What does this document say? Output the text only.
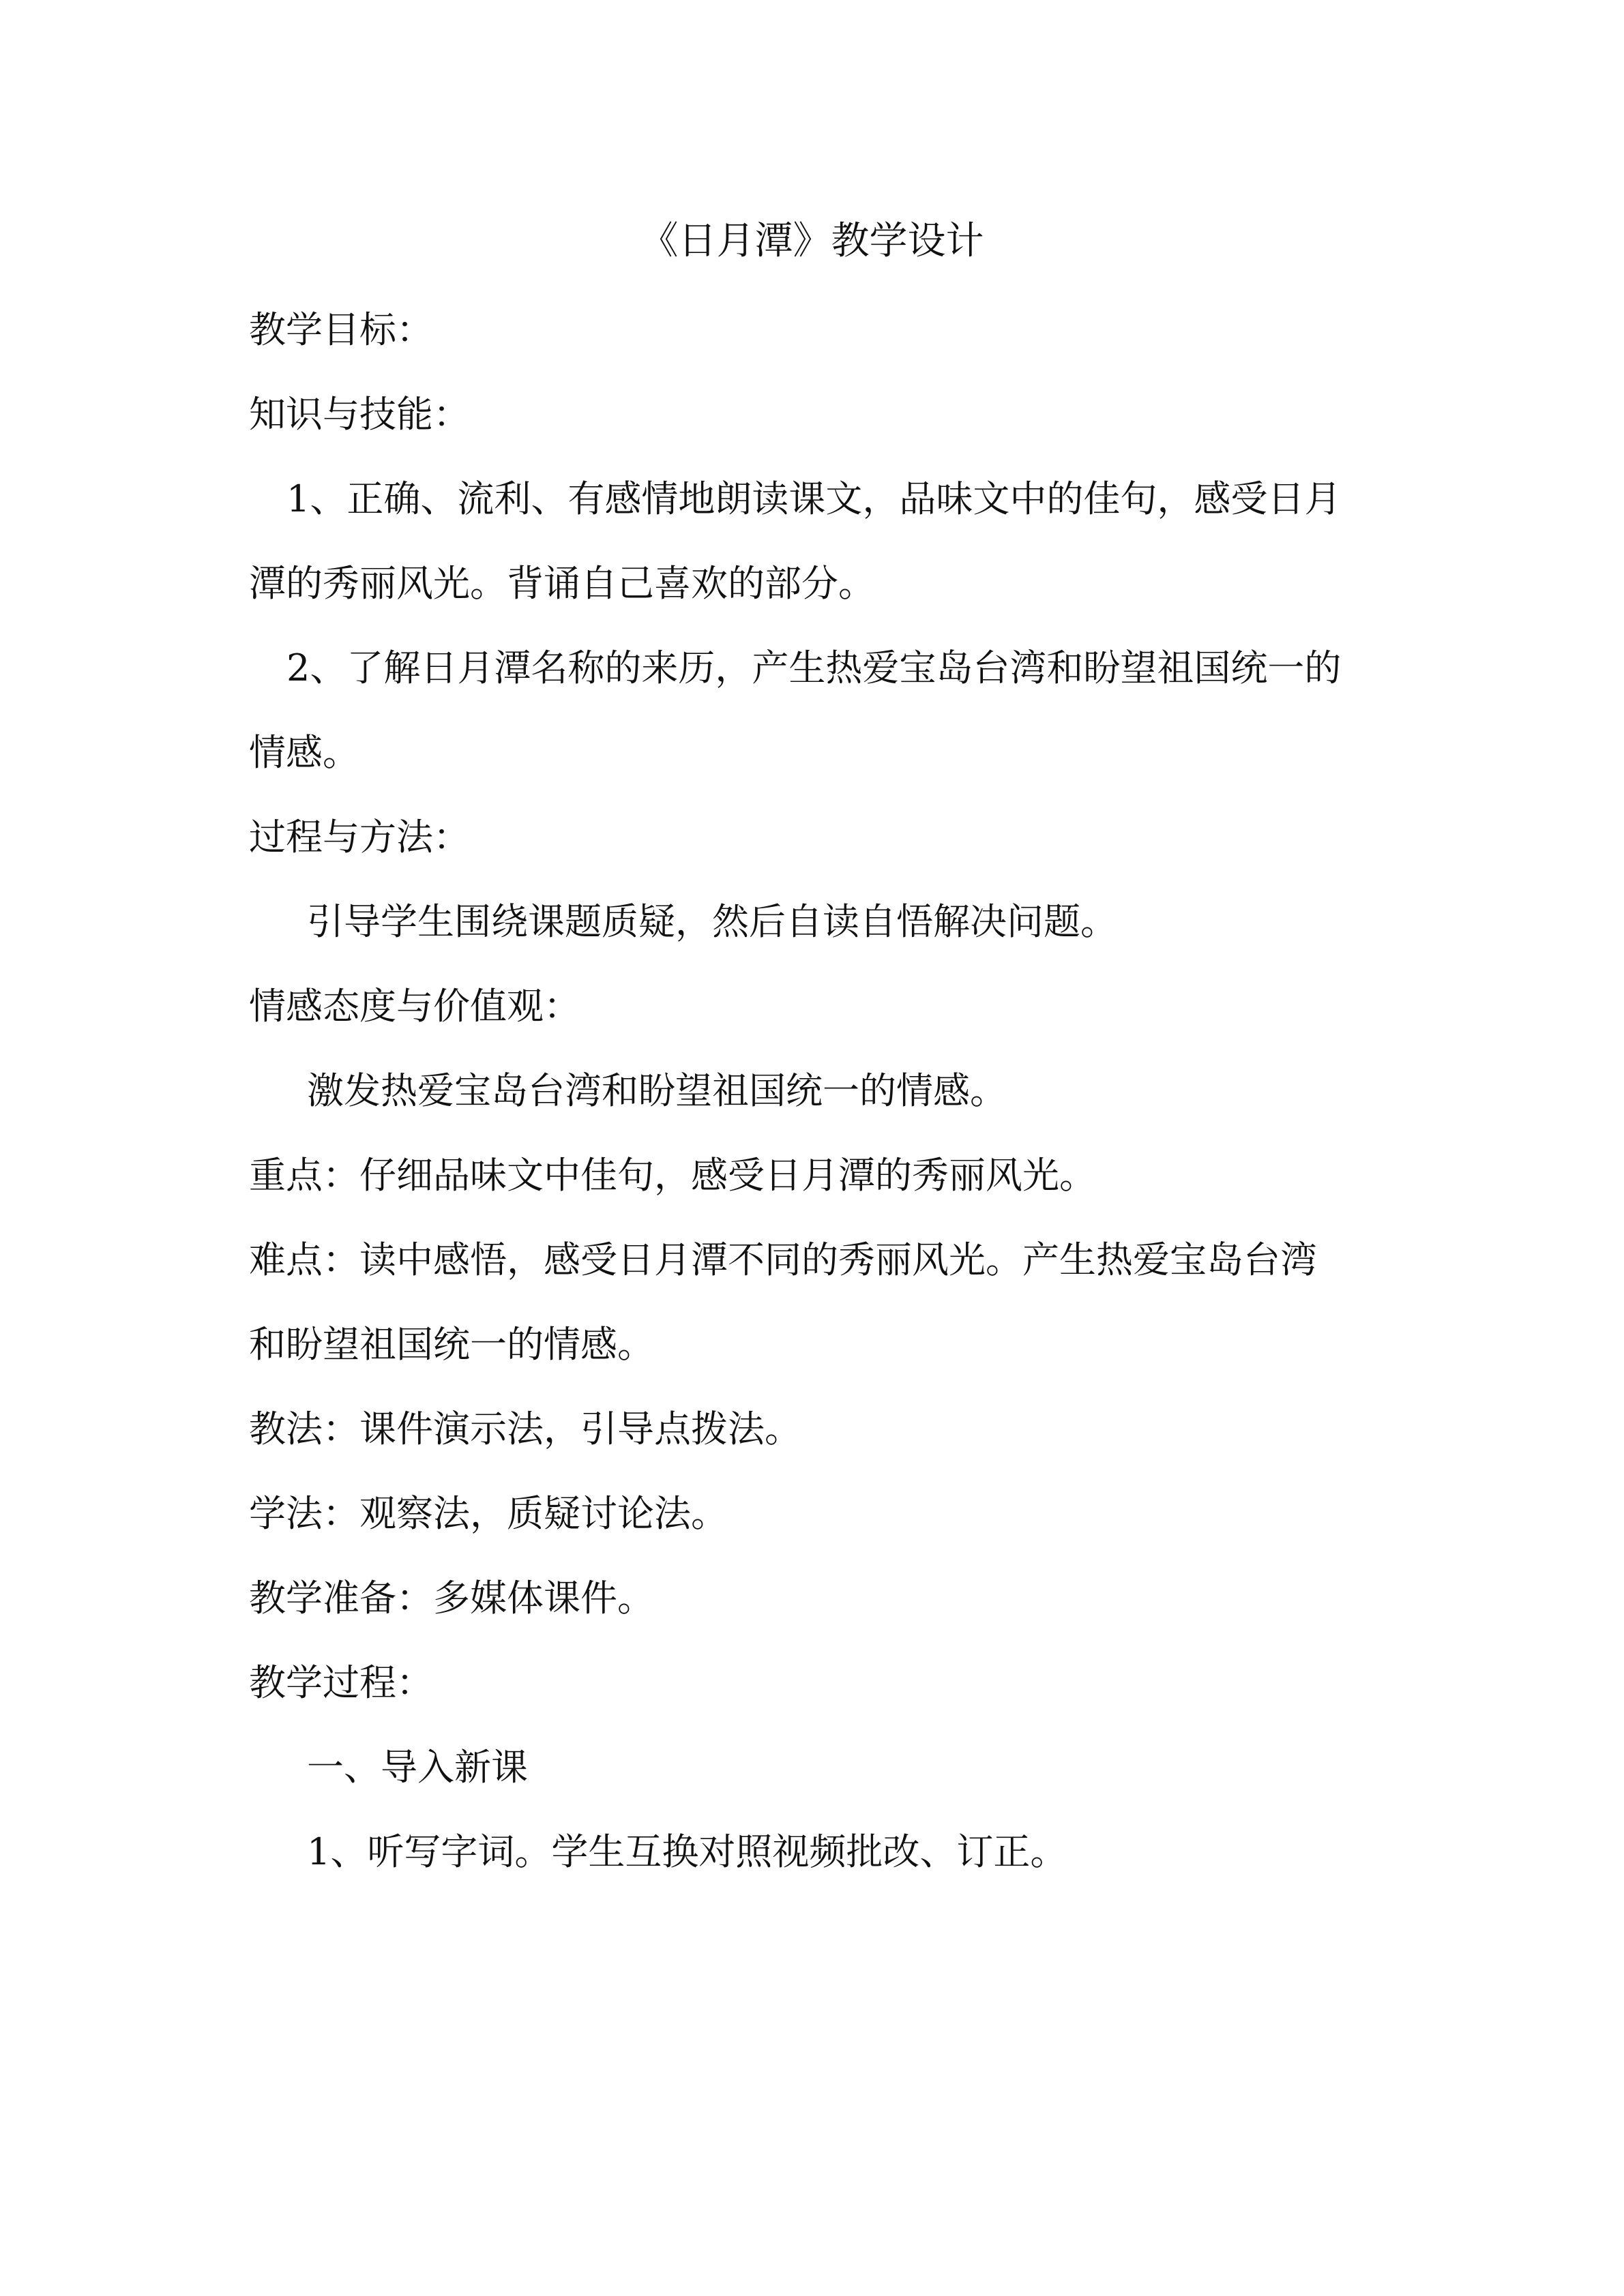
《日月潭》教学设计
教学目标：
知识与技能：
1、正确、流利、有感情地朗读课文，品味文中的佳句，感受日月
潭的秀丽风光。背诵自己喜欢的部分。
2、了解日月潭名称的来历，产生热爱宝岛台湾和盼望祖国统一的
情感。
过程与方法：
引导学生围绕课题质疑，然后自读自悟解决问题。
情感态度与价值观：
激发热爱宝岛台湾和盼望祖国统一的情感。
重点：仔细品味文中佳句，感受日月潭的秀丽风光。
难点：读中感悟，感受日月潭不同的秀丽风光。产生热爱宝岛台湾
和盼望祖国统一的情感。
教法：课件演示法，引导点拨法。
学法：观察法，质疑讨论法。
教学准备：多媒体课件。
教学过程：
一、导入新课
1、听写字词。学生互换对照视频批改、订正。
